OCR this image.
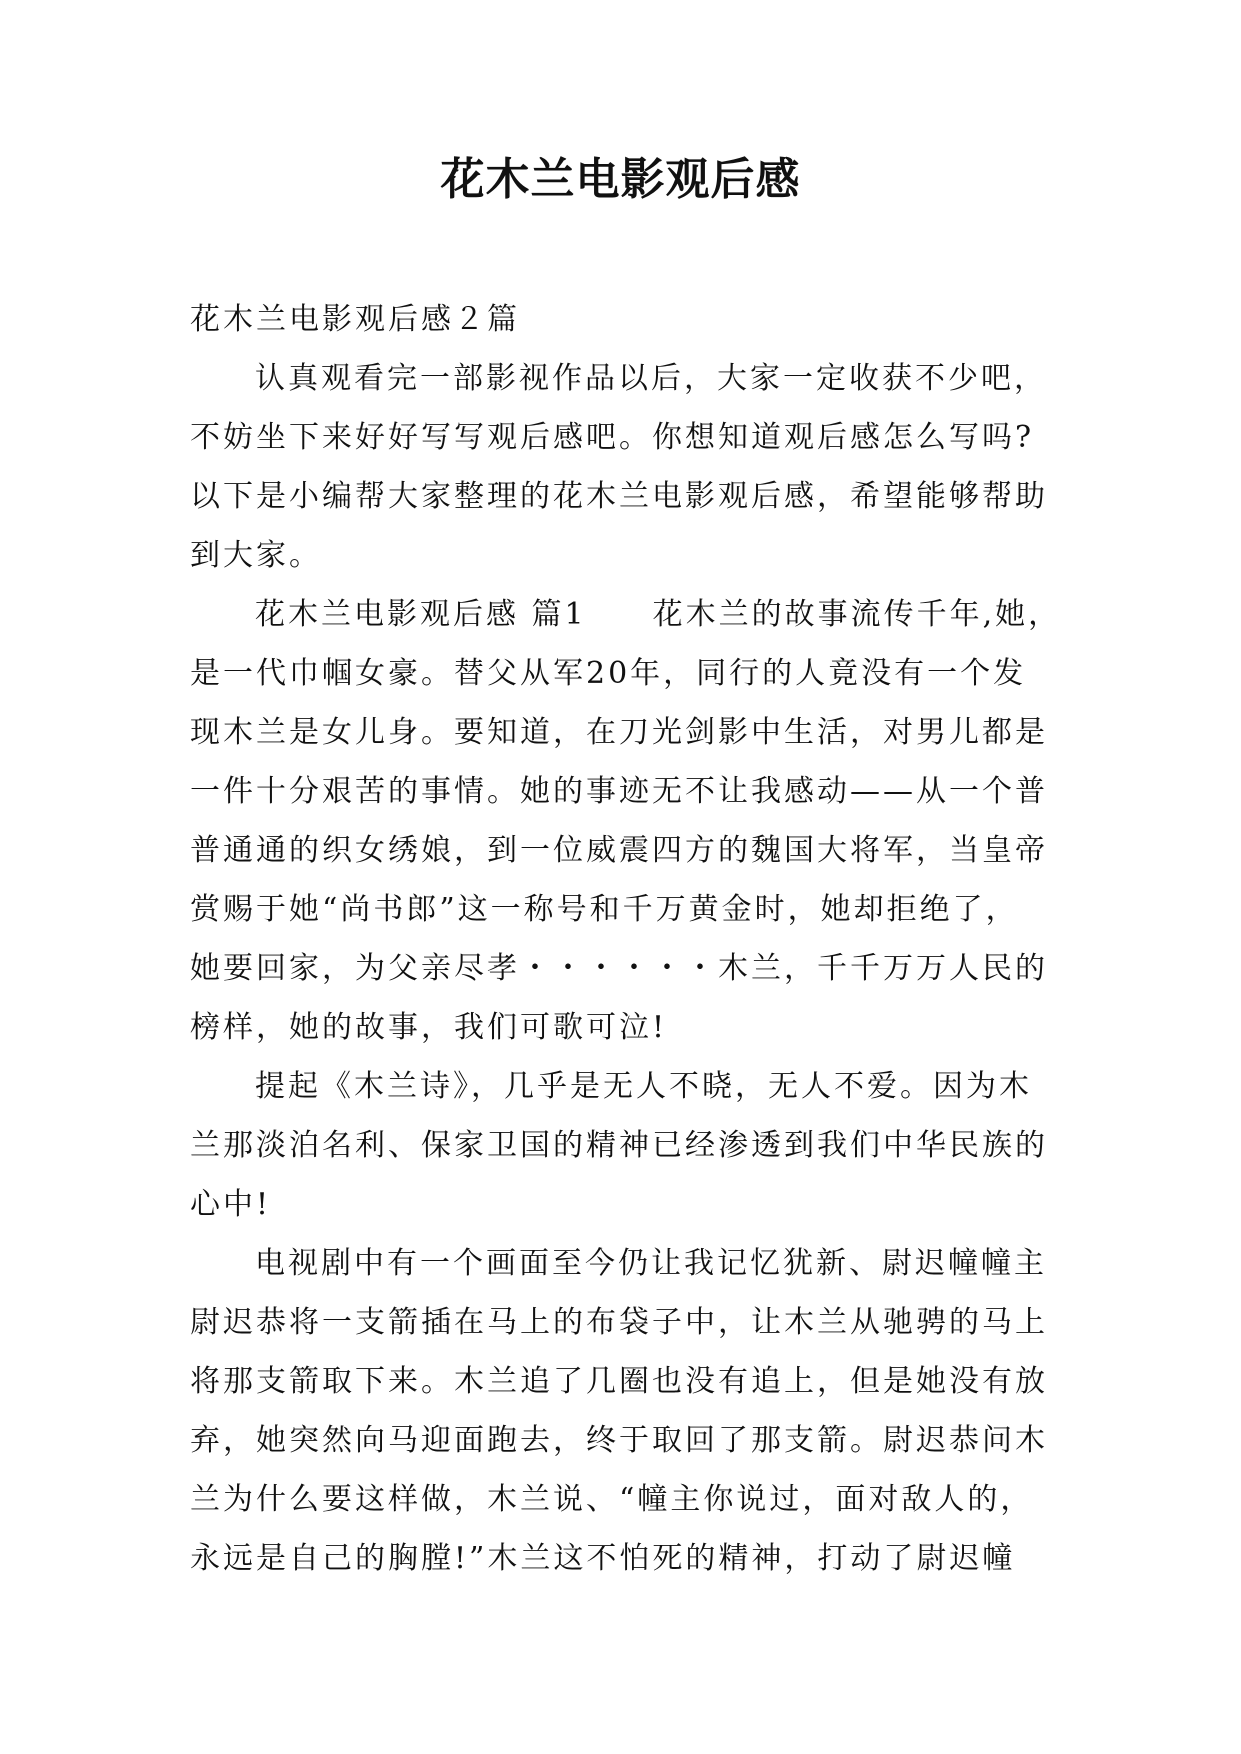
花木兰电影观后感
花木兰电影观后感２篇
认真观看完一部影视作品以后，大家一定收获不少吧，
不妨坐下来好好写写观后感吧。你想知道观后感怎么写吗?
以下是小编帮大家整理的花木兰电影观后感，希望能够帮助
到大家。
花木兰电影观后感 篇1　　花木兰的故事流传千年,她，
是一代巾帼女豪。替父从军20年，同行的人竟没有一个发
现木兰是女儿身。要知道，在刀光剑影中生活，对男儿都是
一件十分艰苦的事情。她的事迹无不让我感动——从一个普
普通通的织女绣娘，到一位威震四方的魏国大将军，当皇帝
赏赐于她“尚书郎”这一称号和千万黄金时，她却拒绝了，
她要回家，为父亲尽孝・・・・・・木兰，千千万万人民的
榜样，她的故事，我们可歌可泣!
提起《木兰诗》，几乎是无人不晓，无人不爱。因为木
兰那淡泊名利、保家卫国的精神已经渗透到我们中华民族的
心中!
电视剧中有一个画面至今仍让我记忆犹新、尉迟幢幢主
尉迟恭将一支箭插在马上的布袋子中，让木兰从驰骋的马上
将那支箭取下来。木兰追了几圈也没有追上，但是她没有放
弃，她突然向马迎面跑去，终于取回了那支箭。尉迟恭问木
兰为什么要这样做，木兰说、“幢主你说过，面对敌人的，
永远是自己的胸膛!”木兰这不怕死的精神，打动了尉迟幢
